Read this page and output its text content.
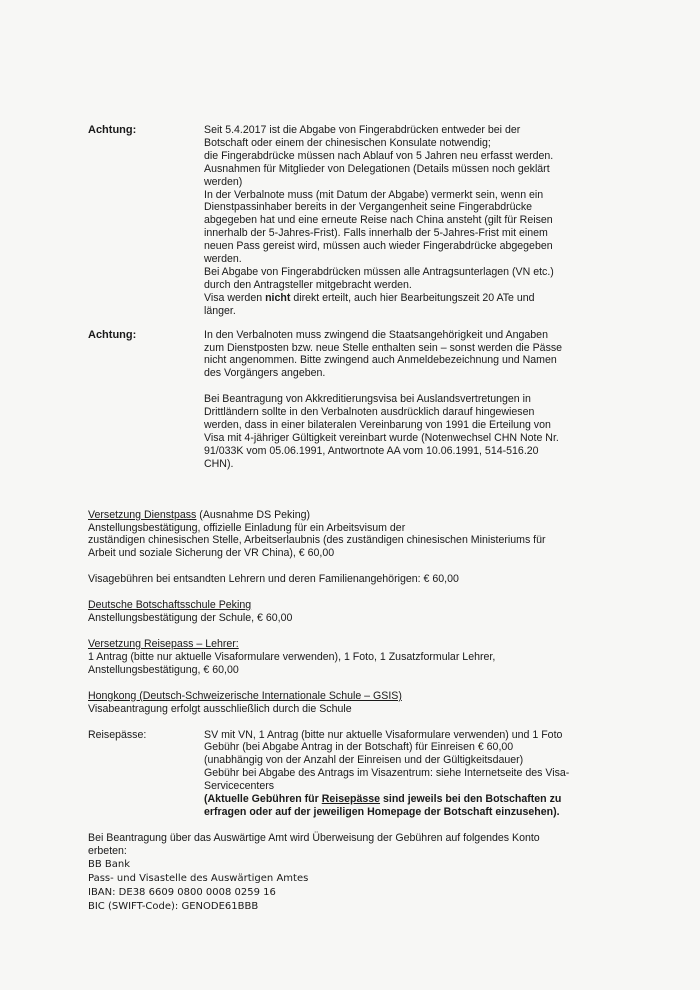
Achtung:	Seit 5.4.2017 ist die Abgabe von Fingerabdrücken entweder bei der

Botschaft oder einem der chinesischen Konsulate notwendig;

die Fingerabdrücke müssen nach Ablauf von 5 Jahren neu erfasst werden.

Ausnahmen für Mitglieder von Delegationen (Details müssen noch geklärt

werden)

In der Verbalnote muss (mit Datum der Abgabe) vermerkt sein, wenn ein

Dienstpassinhaber bereits in der Vergangenheit seine Fingerabdrücke

abgegeben hat und eine erneute Reise nach China ansteht (gilt für Reisen

innerhalb der 5-Jahres-Frist). Falls innerhalb der 5-Jahres-Frist mit einem

neuen Pass gereist wird, müssen auch wieder Fingerabdrücke abgegeben

werden.

Bei Abgabe von Fingerabdrücken müssen alle Antragsunterlagen (VN etc.)

durch den Antragsteller mitgebracht werden.

Visa werden nicht direkt erteilt, auch hier Bearbeitungszeit 20 ATe und

länger.

Achtung:	In den Verbalnoten muss zwingend die Staatsangehörigkeit und Angaben

zum Dienstposten bzw. neue Stelle enthalten sein – sonst werden die Pässe

nicht angenommen. Bitte zwingend auch Anmeldebezeichnung und Namen

des Vorgängers angeben.

Bei Beantragung von Akkreditierungsvisa bei Auslandsvertretungen in

Drittländern sollte in den Verbalnoten ausdrücklich darauf hingewiesen

werden, dass in einer bilateralen Vereinbarung von 1991 die Erteilung von

Visa mit 4-jähriger Gültigkeit vereinbart wurde (Notenwechsel CHN Note Nr.

91/033K vom 05.06.1991, Antwortnote AA vom 10.06.1991, 514-516.20

CHN).

Versetzung Dienstpass (Ausnahme DS Peking)

Anstellungsbestätigung, offizielle Einladung für ein Arbeitsvisum der

zuständigen chinesischen Stelle, Arbeitserlaubnis (des zuständigen chinesischen Ministeriums für

Arbeit und soziale Sicherung der VR China), € 60,00

Visagebühren bei entsandten Lehrern und deren Familienangehörigen: € 60,00

Deutsche Botschaftsschule Peking

Anstellungsbestätigung der Schule, € 60,00

Versetzung Reisepass – Lehrer:

1 Antrag (bitte nur aktuelle Visaformulare verwenden), 1 Foto, 1 Zusatzformular Lehrer,

Anstellungsbestätigung, € 60,00

Hongkong (Deutsch-Schweizerische Internationale Schule – GSIS)

Visabeantragung erfolgt ausschließlich durch die Schule

Reisepässe:	SV mit VN, 1 Antrag (bitte nur aktuelle Visaformulare verwenden) und 1 Foto

Gebühr (bei Abgabe Antrag in der Botschaft) für Einreisen € 60,00

(unabhängig von der Anzahl der Einreisen und der Gültigkeitsdauer)

Gebühr bei Abgabe des Antrags im Visazentrum: siehe Internetseite des Visa-

Servicecenters

(Aktuelle Gebühren für Reisepässe sind jeweils bei den Botschaften zu

erfragen oder auf der jeweiligen Homepage der Botschaft einzusehen).

Bei Beantragung über das Auswärtige Amt wird Überweisung der Gebühren auf folgendes Konto

erbeten:

BB Bank

Pass- und Visastelle des Auswärtigen Amtes

IBAN: DE38 6609 0800 0008 0259 16

BIC (SWIFT-Code): GENODE61BBB
